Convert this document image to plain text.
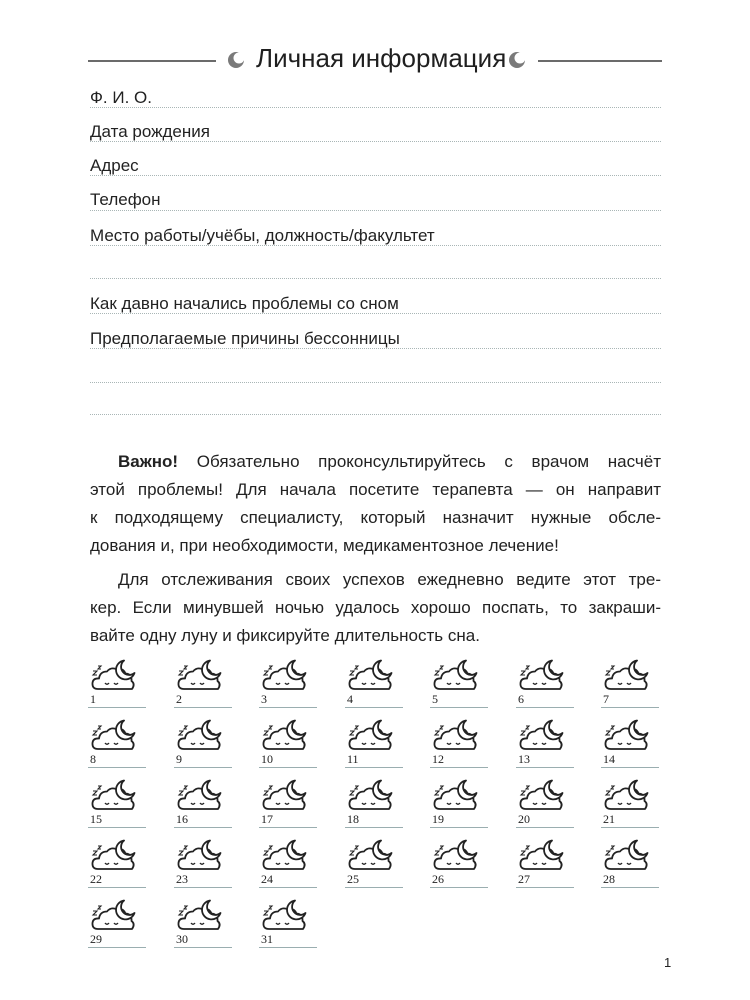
Личная информация
Ф. И. О.
Дата рождения
Адрес
Телефон
Место работы/учёбы, должность/факультет
Как давно начались проблемы со сном
Предполагаемые причины бессонницы
Важно! Обязательно проконсультируйтесь с врачом насчёт
этой проблемы! Для начала посетите терапевта — он направит
к подходящему специалисту, который назначит нужные обсле-
дования и, при необходимости, медикаментозное лечение!
Для отслеживания своих успехов ежедневно ведите этот тре-
кер. Если минувшей ночью удалось хорошо поспать, то закраши-
вайте одну луну и фиксируйте длительность сна.
1	2	3	4	5	6	7
8	9	10	11	12	13	14
15	16	17	18	19	20	21
22	23	24	25	26	27	28
29	30	31
1
